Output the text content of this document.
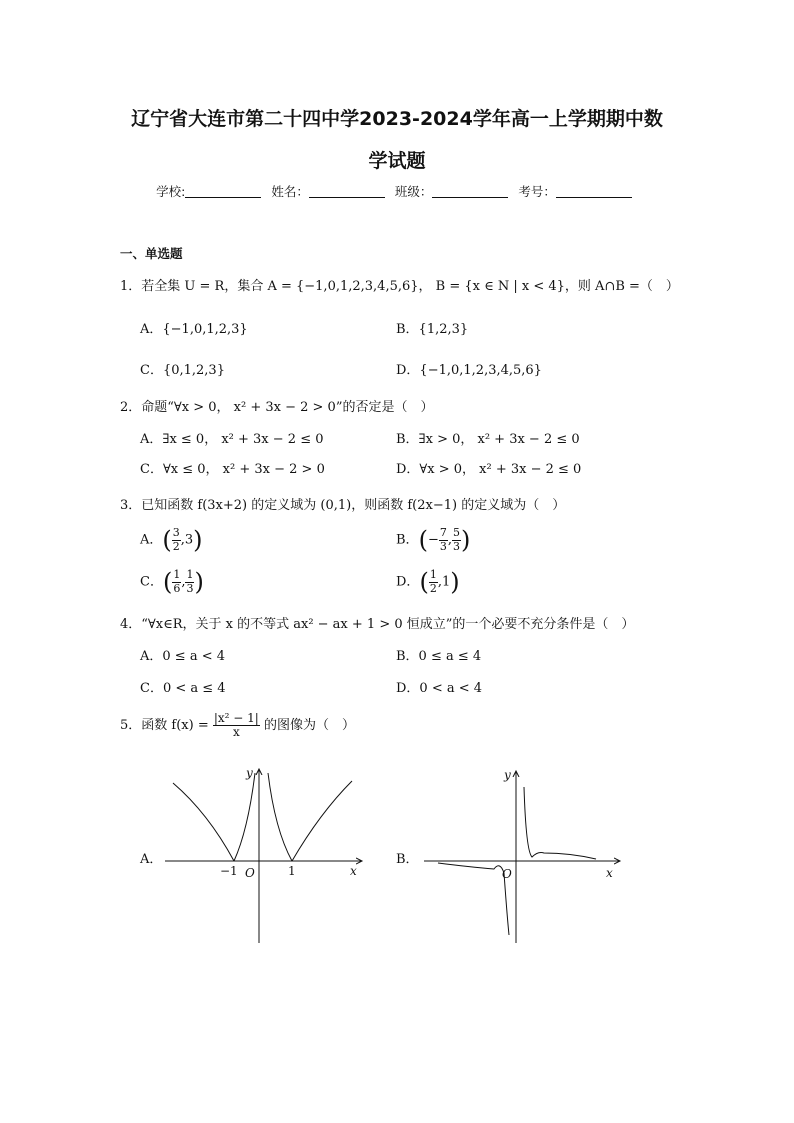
辽宁省大连市第二十四中学2023-2024学年高一上学期期中数
学试题
学校:	姓名：	班级：	考号：
一、单选题
1．若全集 U = R，集合 A = {−1,0,1,2,3,4,5,6}， B = {x ∈ N | x < 4}，则 A∩B =（　）
A．{−1,0,1,2,3}	B．{1,2,3}
C．{0,1,2,3}	D．{−1,0,1,2,3,4,5,6}
2．命题“∀x > 0， x² + 3x − 2 > 0”的否定是（　）
A．∃x ≤ 0， x² + 3x − 2 ≤ 0	B．∃x > 0， x² + 3x − 2 ≤ 0
C．∀x ≤ 0， x² + 3x − 2 > 0	D．∀x > 0， x² + 3x − 2 ≤ 0
3．已知函数 f(3x+2) 的定义域为 (0,1)，则函数 f(2x−1) 的定义域为（　）
A．( $\frac{3}{2} ,3$)	B．(− $\frac{7}{3}$ , $\frac{5}{3}$ )
C．( $\frac{1}{6}$ , $\frac{1}{3}$ )	D．( $\frac{1}{2} ,1$)
4．“∀x∈R，关于 x 的不等式 ax² − ax + 1 > 0 恒成立”的一个必要不充分条件是（　）
A．0 ≤ a < 4	B．0 ≤ a ≤ 4
C．0 < a ≤ 4	D．0 < a < 4
5．函数 $f(x) = \frac{\text{|x² − 1|}}{x}$ 的图像为（　）
A．	B．
y
x
O
−1	1
y
x
O
